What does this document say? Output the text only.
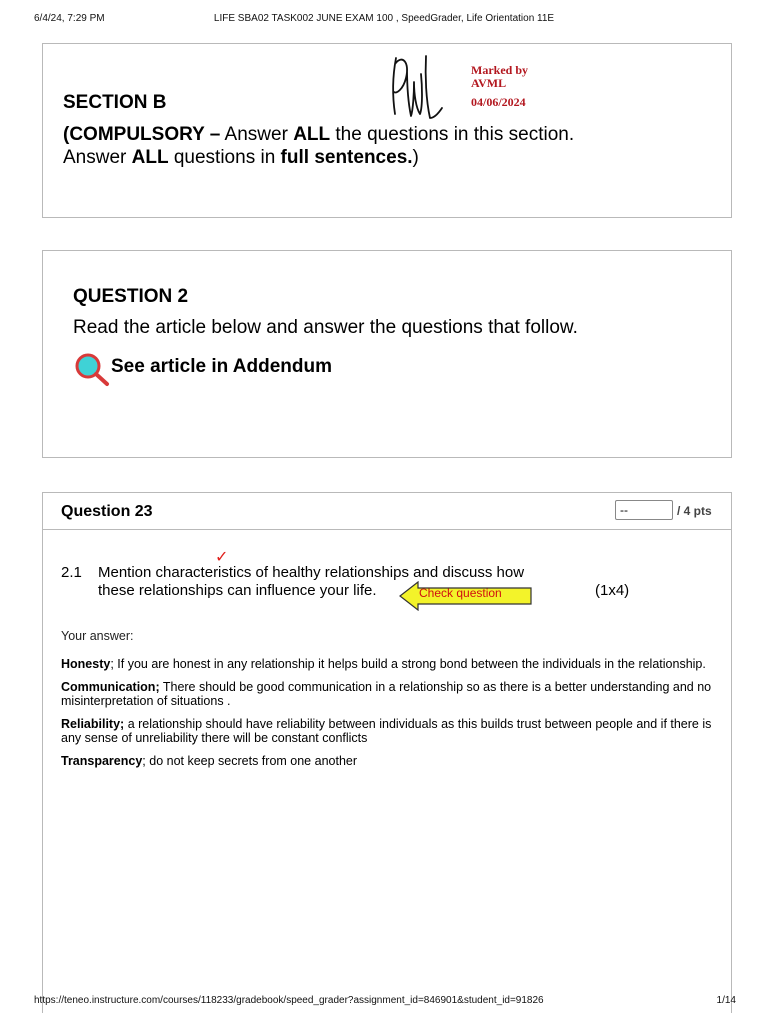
6/4/24, 7:29 PM	LIFE SBA02 TASK002 JUNE EXAM 100 , SpeedGrader, Life Orientation 11E
SECTION B
(COMPULSORY – Answer ALL the questions in this section.
Answer ALL questions in full sentences.)
Marked by
AVML
04/06/2024
QUESTION 2
Read the article below and answer the questions that follow.
See article in Addendum
Question 23
--	/ 4 pts
✓
2.1 Mention characteristics of healthy relationships and discuss how
these relationships can influence your life.	(1x4)
Check question
Your answer:

Honesty; If you are honest in any relationship it helps build a strong bond between the individuals in the relationship.

Communication; There should be good communication in a relationship so as there is a better understanding and no misinterpretation of situations .

Reliability; a relationship should have reliability between individuals as this builds trust between people and if there is any sense of unreliability there will be constant conflicts

Transparency; do not keep secrets from one another

https://teneo.instructure.com/courses/118233/gradebook/speed_grader?assignment_id=846901&student_id=91826	1/14
